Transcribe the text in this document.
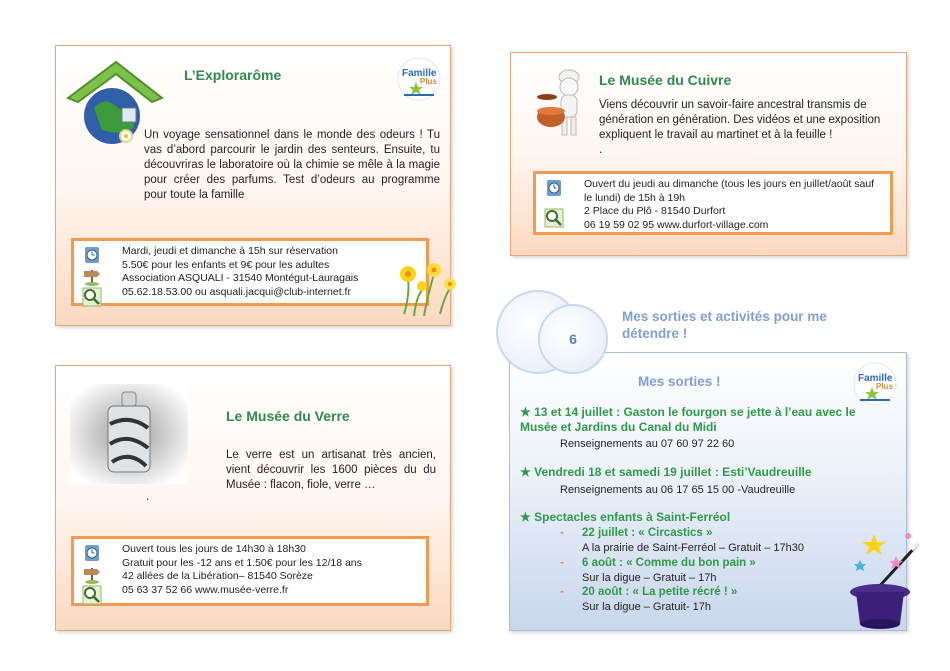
L’Explorarôme	Famille
Plus
Un voyage sensationnel dans le monde des odeurs ! Tu vas d’abord parcourir le jardin des senteurs. Ensuite, tu découvriras le laboratoire où la chimie se mêle à la magie pour créer des parfums. Test d’odeurs au programme pour toute la famille
Mardi, jeudi et dimanche à 15h sur réservation
5.50€ pour les enfants et 9€ pour les adultes
Association ASQUALI - 31540 Montégut-Lauragais
05.62.18.53.00 ou asquali.jacqui@club-internet.fr
Le Musée du Cuivre
Viens découvrir un savoir-faire ancestral transmis de génération en génération. Des vidéos et une exposition expliquent le travail au martinet et à la feuille !
.
Ouvert du jeudi au dimanche (tous les jours en juillet/août sauf
le lundi) de 15h à 19h
2 Place du Plô - 81540 Durfort
06 19 59 02 95 www.durfort-village.com
Le Musée du Verre
Le verre est un artisanat très ancien, vient découvrir les 1600 pièces du du Musée : flacon, fiole, verre …
.
Ouvert tous les jours de 14h30 à 18h30
Gratuit pour les -12 ans et 1.50€ pour les 12/18 ans
42 allées de la Libération– 81540 Sorèze
05 63 37 52 66 www.musée-verre.fr
Mes sorties !	Famille
Plus
★ 13 et 14 juillet : Gaston le fourgon se jette à l’eau avec le
Musée et Jardins du Canal du Midi
Renseignements au 07 60 97 22 60
★ Vendredi 18 et samedi 19 juillet : Esti’Vaudreuille
Renseignements au 06 17 65 15 00 -Vaudreuille
★ Spectacles enfants à Saint-Ferréol
- 22 juillet : « Circastics »
A la prairie de Saint-Ferréol – Gratuit – 17h30
- 6 août : « Comme du bon pain »
Sur la digue – Gratuit – 17h
- 20 août : « La petite récré ! »
Sur la digue – Gratuit- 17h
6
Mes sorties et activités pour me
détendre !
